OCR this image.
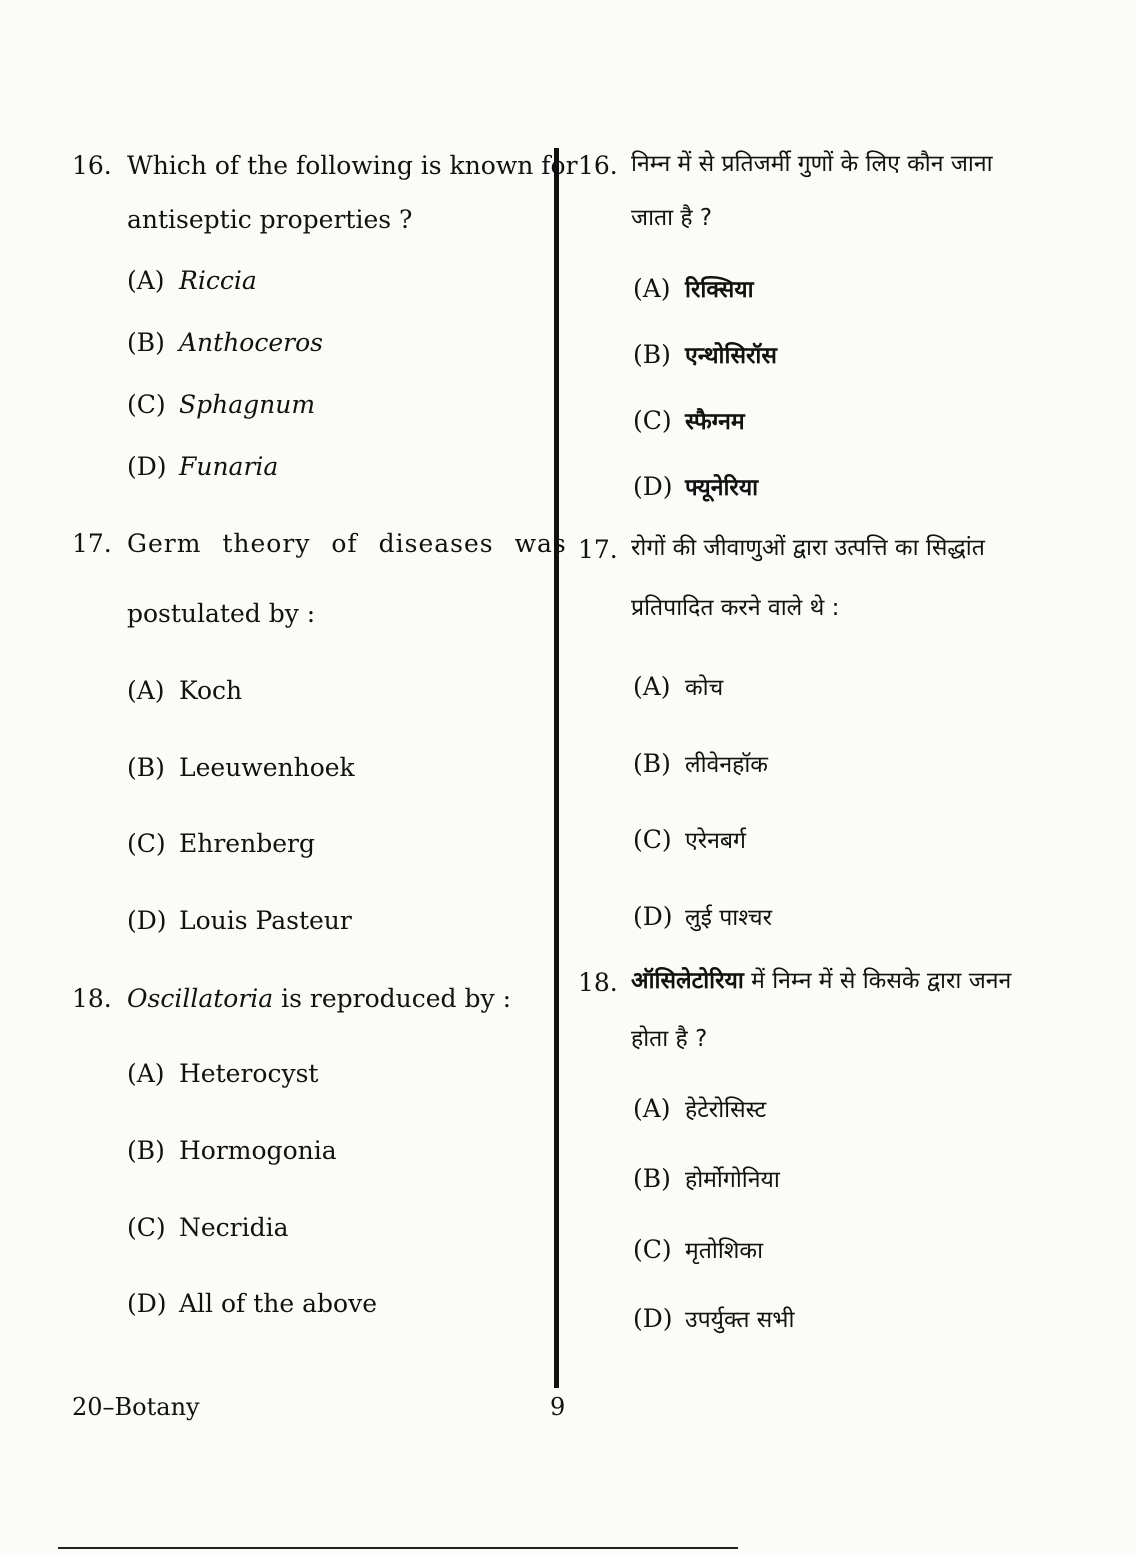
16. Which of the following is known for
antiseptic properties ?
(A) Riccia
(B) Anthoceros
(C) Sphagnum
(D) Funaria
17. Germ theory of diseases was
postulated by :
(A) Koch
(B) Leeuwenhoek
(C) Ehrenberg
(D) Louis Pasteur
18. Oscillatoria is reproduced by :
(A) Heterocyst
(B) Hormogonia
(C) Necridia
(D) All of the above
16. निम्न में से प्रतिजर्मी गुणों के लिए कौन जाना
जाता है ?
(A) रिक्सिया
(B) एन्थोसिरॉस
(C) स्फैग्नम
(D) फ्यूनेरिया
17. रोगों की जीवाणुओं द्वारा उत्पत्ति का सिद्धांत
प्रतिपादित करने वाले थे :
(A) कोच
(B) लीवेनहॉक
(C) एरेनबर्ग
(D) लुई पाश्चर
18. ऑसिलेटोरिया में निम्न में से किसके द्वारा जनन
होता है ?
(A) हेटेरोसिस्ट
(B) होर्मोगोनिया
(C) मृतोशिका
(D) उपर्युक्त सभी
20–Botany	9
